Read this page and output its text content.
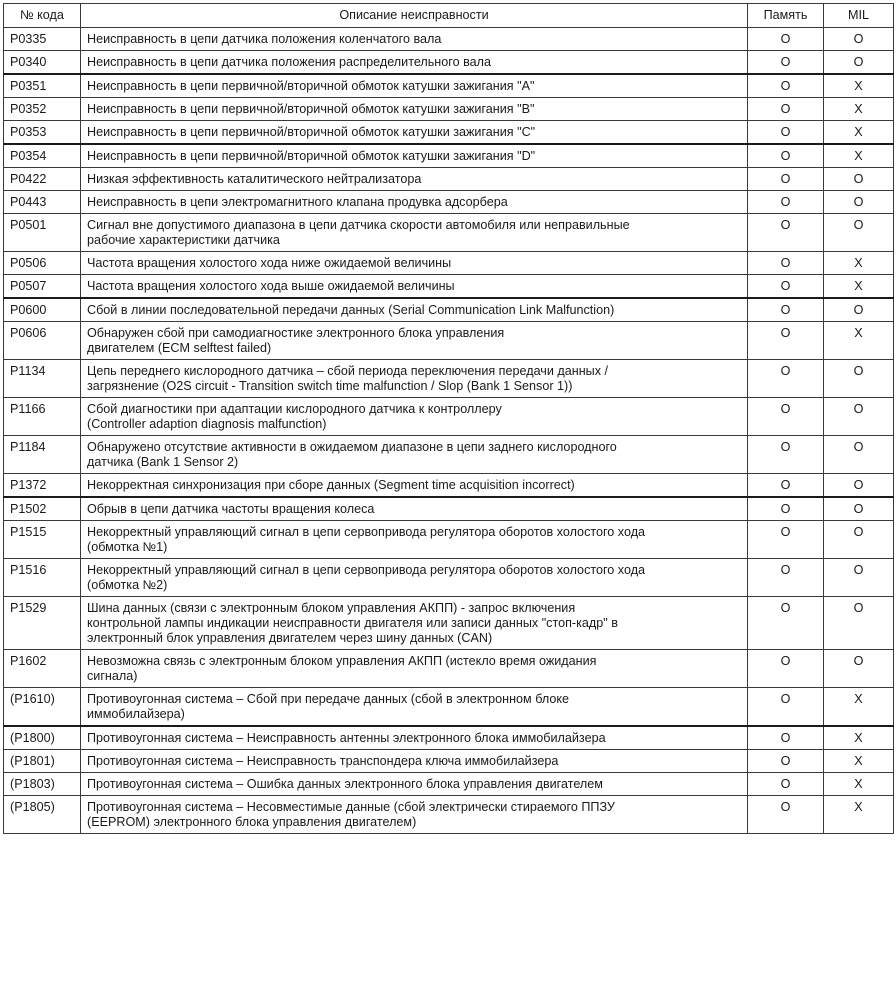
№ кода	Описание неисправности	Память	MIL
P0335	Неисправность в цепи датчика положения коленчатого вала	O	O
P0340	Неисправность в цепи датчика положения распределительного вала	O	O
P0351	Неисправность в цепи первичной/вторичной обмоток катушки зажигания "A"	O	X
P0352	Неисправность в цепи первичной/вторичной обмоток катушки зажигания "B"	O	X
P0353	Неисправность в цепи первичной/вторичной обмоток катушки зажигания "C"	O	X
P0354	Неисправность в цепи первичной/вторичной обмоток катушки зажигания "D"	O	X
P0422	Низкая эффективность каталитического нейтрализатора	O	O
P0443	Неисправность в цепи электромагнитного клапана продувка адсорбера	O	O
P0501	Сигнал вне допустимого диапазона в цепи датчика скорости автомобиля или неправильные
рабочие характеристики датчика	O	O
P0506	Частота вращения холостого хода ниже ожидаемой величины	O	X
P0507	Частота вращения холостого хода выше ожидаемой величины	O	X
P0600	Сбой в линии последовательной передачи данных (Serial Communication Link Malfunction)	O	O
P0606	Обнаружен сбой при самодиагностике электронного блока управления
двигателем (ECM selftest failed)	O	X
P1134	Цепь переднего кислородного датчика – сбой периода переключения передачи данных /
загрязнение (O2S circuit - Transition switch time malfunction / Slop (Bank 1 Sensor 1))	O	O
P1166	Сбой диагностики при адаптации кислородного датчика к контроллеру
(Controller adaption diagnosis malfunction)	O	O
P1184	Обнаружено отсутствие активности в ожидаемом диапазоне в цепи заднего кислородного
датчика (Bank 1 Sensor 2)	O	O
P1372	Некорректная синхронизация при сборе данных (Segment time acquisition incorrect)	O	O
P1502	Обрыв в цепи датчика частоты вращения колеса	O	O
P1515	Некорректный управляющий сигнал в цепи сервопривода регулятора оборотов холостого хода
(обмотка №1)	O	O
P1516	Некорректный управляющий сигнал в цепи сервопривода регулятора оборотов холостого хода
(обмотка №2)	O	O
P1529	Шина данных (связи с электронным блоком управления АКПП) - запрос включения
контрольной лампы индикации неисправности двигателя или записи данных "стоп-кадр" в
электронный блок управления двигателем через шину данных (CAN)	O	O
P1602	Невозможна связь с электронным блоком управления АКПП (истекло время ожидания
сигнала)	O	O
(P1610)	Противоугонная система – Сбой при передаче данных (сбой в электронном блоке
иммобилайзера)	O	X
(P1800)	Противоугонная система – Неисправность антенны электронного блока иммобилайзера	O	X
(P1801)	Противоугонная система – Неисправность транспондера ключа иммобилайзера	O	X
(P1803)	Противоугонная система – Ошибка данных электронного блока управления двигателем	O	X
(P1805)	Противоугонная система – Несовместимые данные (сбой электрически стираемого ППЗУ
(EEPROM) электронного блока управления двигателем)	O	X
